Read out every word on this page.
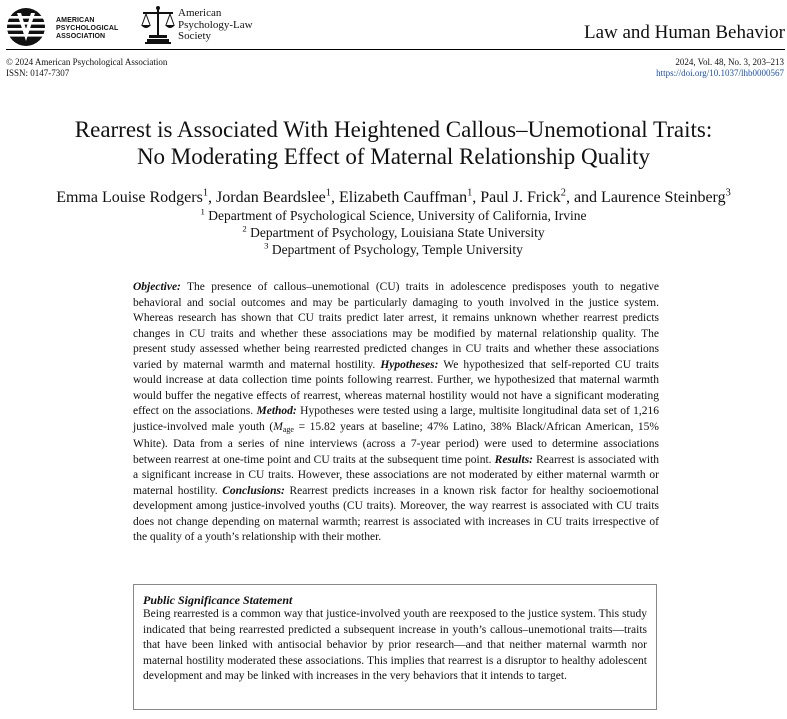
AMERICAN
PSYCHOLOGICAL
ASSOCIATION
American
Psychology-Law
Society	Law and Human Behavior
© 2024 American Psychological Association
ISSN: 0147-7307
2024, Vol. 48, No. 3, 203–213
https://doi.org/10.1037/lhb0000567
Rearrest is Associated With Heightened Callous–Unemotional Traits:
No Moderating Effect of Maternal Relationship Quality
Emma Louise Rodgers$^1$, Jordan Beardslee$^1$, Elizabeth Cauffman$^1$, Paul J. Frick$^2$, and Laurence Steinberg$^3$
$^1$ Department of Psychological Science, University of California, Irvine
$^2$ Department of Psychology, Louisiana State University
$^3$ Department of Psychology, Temple University
Objective: The presence of callous–unemotional (CU) traits in adolescence predisposes youth to negative behavioral and social outcomes and may be particularly damaging to youth involved in the justice system. Whereas research has shown that CU traits predict later arrest, it remains unknown whether rearrest predicts changes in CU traits and whether these associations may be modified by maternal relationship quality. The present study assessed whether being rearrested predicted changes in CU traits and whether these associations varied by maternal warmth and maternal hostility. Hypotheses: We hypothesized that self-reported CU traits would increase at data collection time points following rearrest. Further, we hypothesized that maternal warmth would buffer the negative effects of rearrest, whereas maternal hostility would not have a significant moderating effect on the associations. Method: Hypotheses were tested using a large, multisite longitudinal data set of 1,216 justice-involved male youth ($M_{age} = 15.82$ years at baseline; 47% Latino, 38% Black/African American, 15% White). Data from a series of nine interviews (across a 7-year period) were used to determine associations between rearrest at one-time point and CU traits at the subsequent time point. Results: Rearrest is associated with a significant increase in CU traits. However, these associations are not moderated by either maternal warmth or maternal hostility. Conclusions: Rearrest predicts increases in a known risk factor for healthy socioemotional development among justice-involved youths (CU traits). Moreover, the way rearrest is associated with CU traits does not change depending on maternal warmth; rearrest is associated with increases in CU traits irrespective of the quality of a youth’s relationship with their mother.
Public Significance Statement
Being rearrested is a common way that justice-involved youth are reexposed to the justice system. This study indicated that being rearrested predicted a subsequent increase in youth’s callous–unemotional traits—traits that have been linked with antisocial behavior by prior research—and that neither maternal warmth nor maternal hostility moderated these associations. This implies that rearrest is a disruptor to healthy adolescent development and may be linked with increases in the very behaviors that it intends to target.
